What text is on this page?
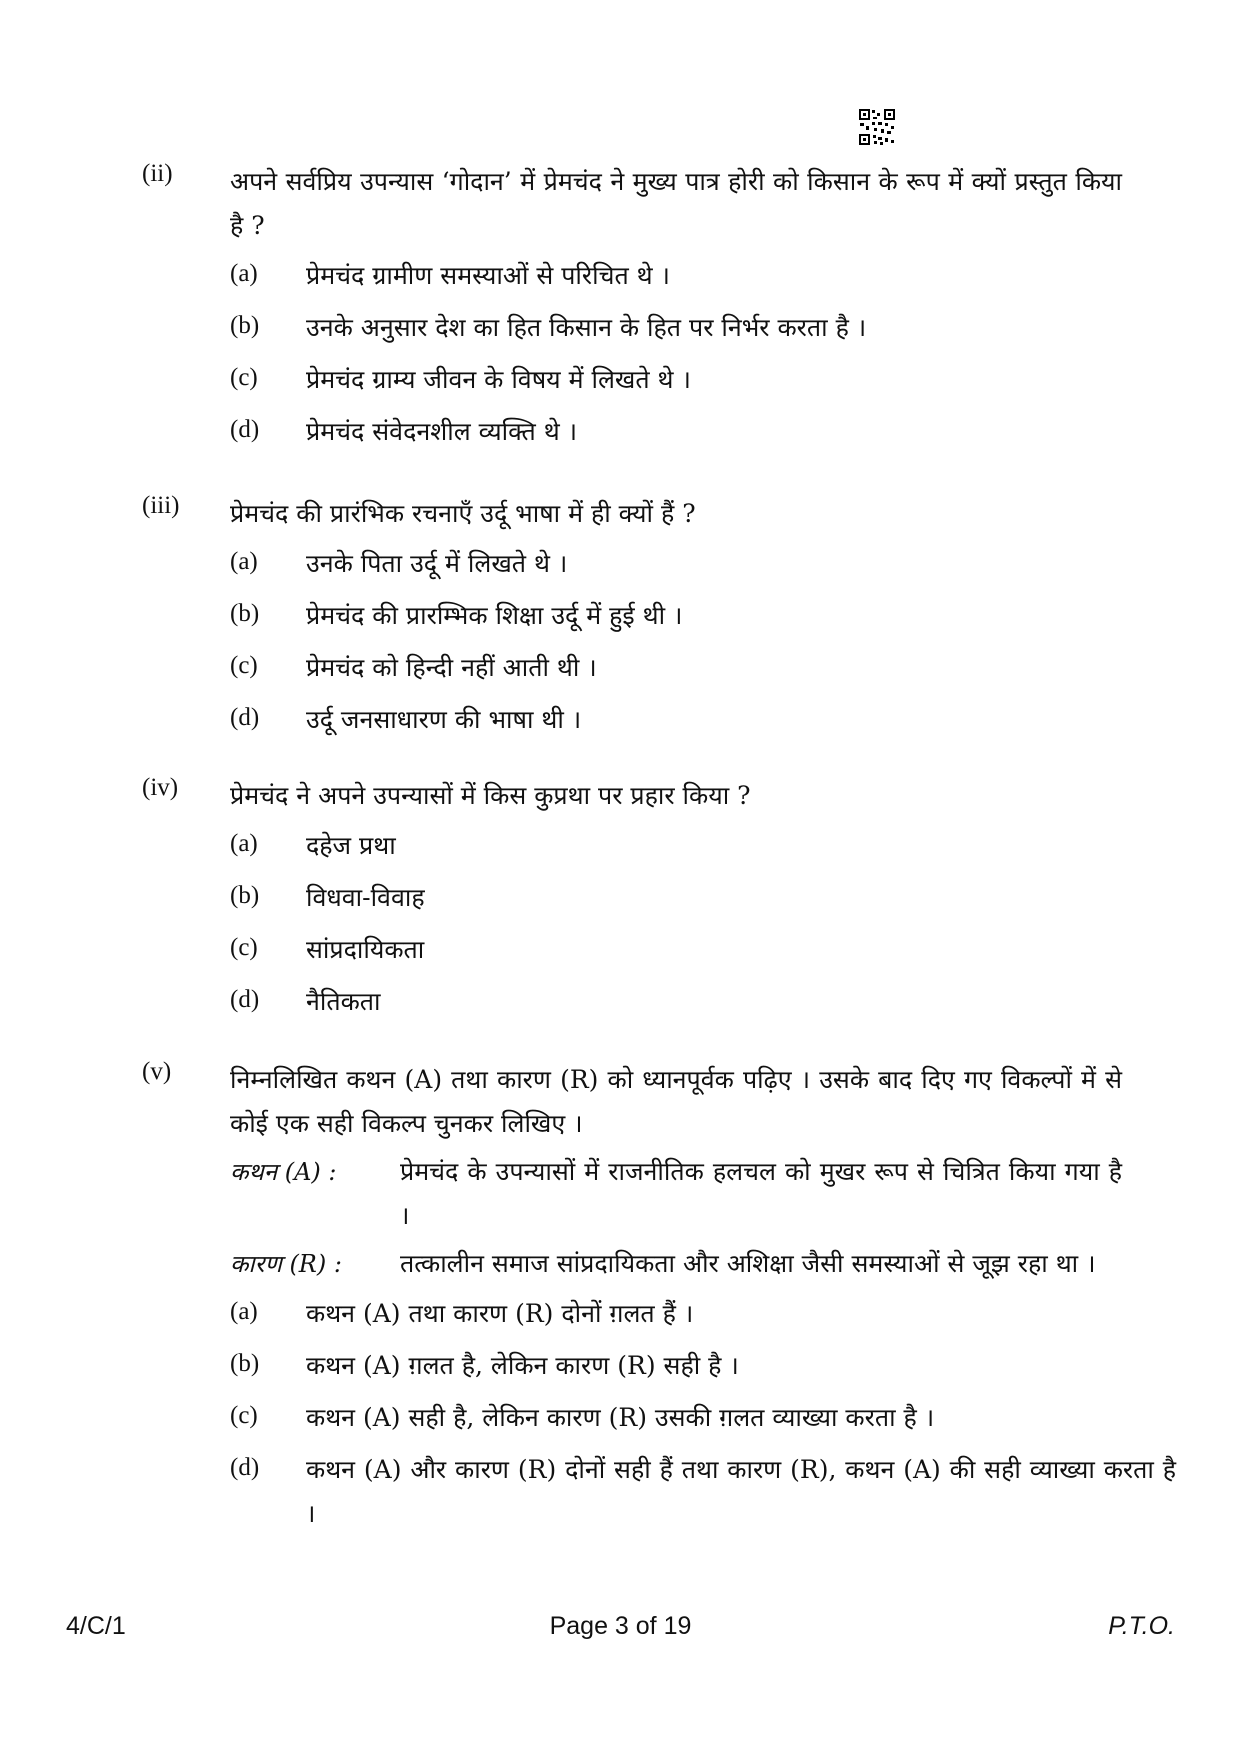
(ii) अपने सर्वप्रिय उपन्यास ‘गोदान’ में प्रेमचंद ने मुख्य पात्र होरी को किसान के रूप में क्यों प्रस्तुत किया है ?
(a) प्रेमचंद ग्रामीण समस्याओं से परिचित थे ।
(b) उनके अनुसार देश का हित किसान के हित पर निर्भर करता है ।
(c) प्रेमचंद ग्राम्य जीवन के विषय में लिखते थे ।
(d) प्रेमचंद संवेदनशील व्यक्ति थे ।
(iii) प्रेमचंद की प्रारंभिक रचनाएँ उर्दू भाषा में ही क्यों हैं ?
(a) उनके पिता उर्दू में लिखते थे ।
(b) प्रेमचंद की प्रारम्भिक शिक्षा उर्दू में हुई थी ।
(c) प्रेमचंद को हिन्दी नहीं आती थी ।
(d) उर्दू जनसाधारण की भाषा थी ।
(iv) प्रेमचंद ने अपने उपन्यासों में किस कुप्रथा पर प्रहार किया ?
(a) दहेज प्रथा
(b) विधवा-विवाह
(c) सांप्रदायिकता
(d) नैतिकता
(v) निम्नलिखित कथन (A) तथा कारण (R) को ध्यानपूर्वक पढ़िए । उसके बाद दिए गए विकल्पों में से कोई एक सही विकल्प चुनकर लिखिए ।
कथन (A) :	प्रेमचंद के उपन्यासों में राजनीतिक हलचल को मुखर रूप से चित्रित किया गया है ।
कारण (R) : तत्कालीन समाज सांप्रदायिकता और अशिक्षा जैसी समस्याओं से जूझ रहा था ।
(a) कथन (A) तथा कारण (R) दोनों ग़लत हैं ।
(b) कथन (A) ग़लत है, लेकिन कारण (R) सही है ।
(c) कथन (A) सही है, लेकिन कारण (R) उसकी ग़लत व्याख्या करता है ।
(d) कथन (A) और कारण (R) दोनों सही हैं तथा कारण (R), कथन (A) की सही व्याख्या करता है ।
4/C/1	Page 3 of 19	P.T.O.
